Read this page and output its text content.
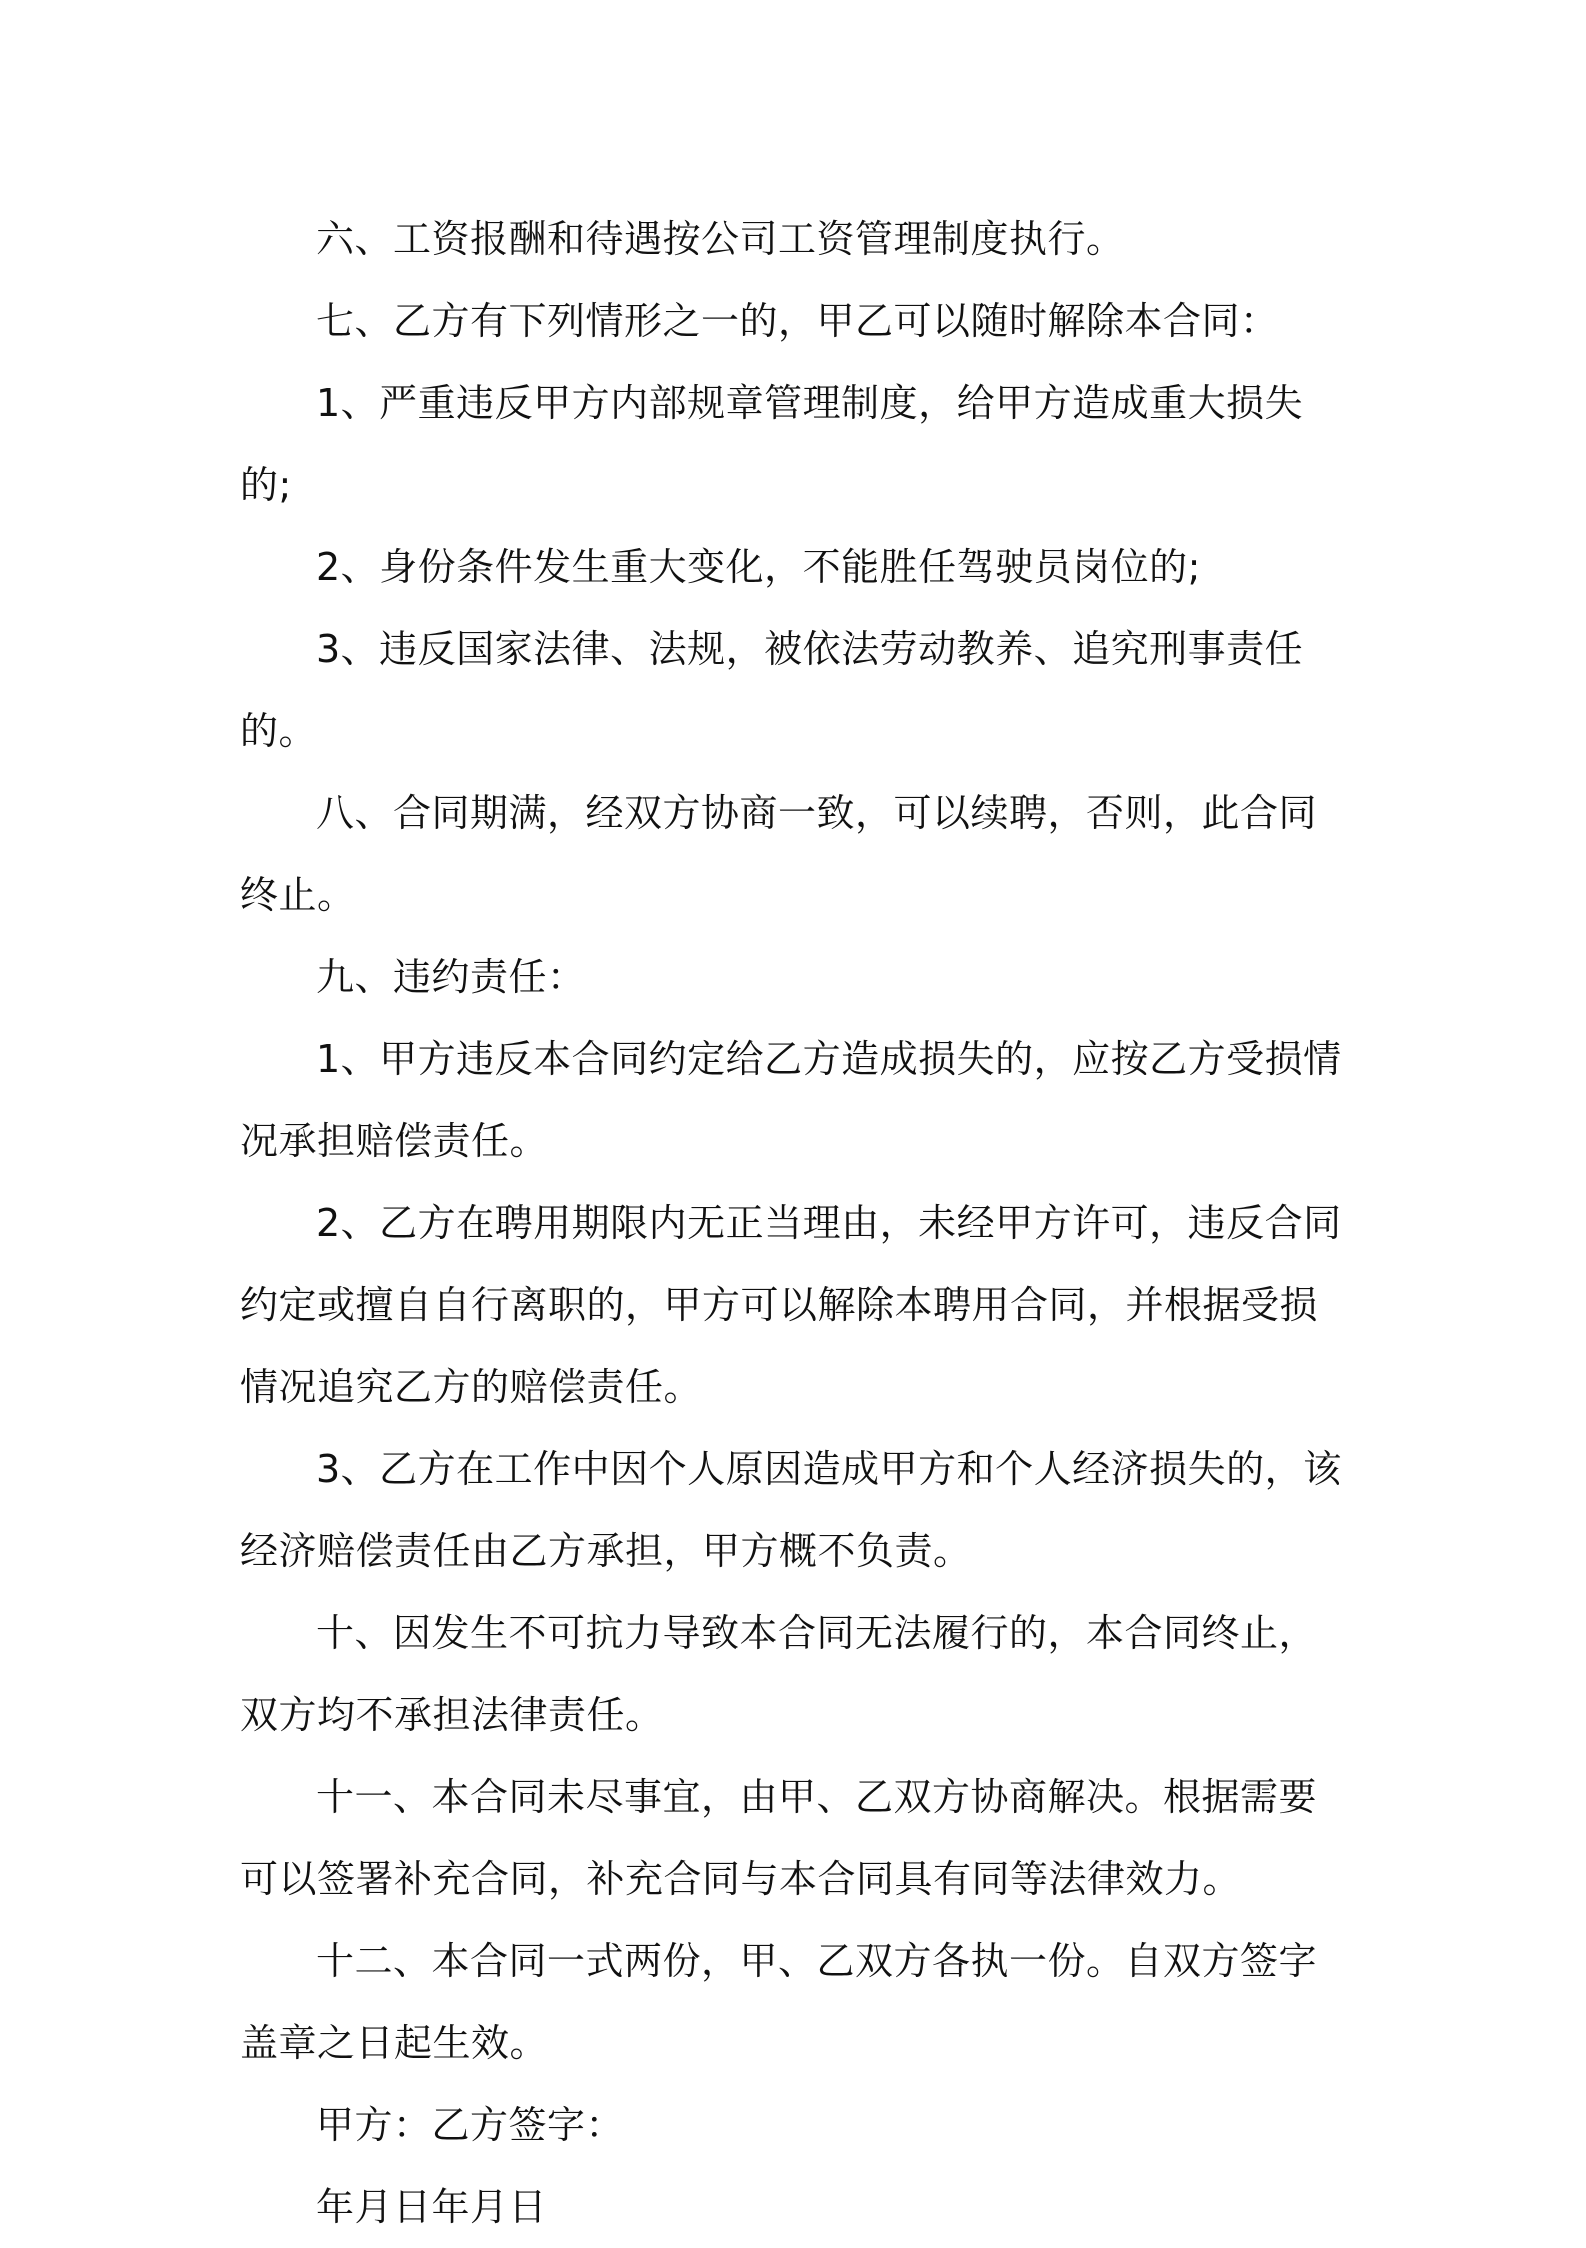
六、工资报酬和待遇按公司工资管理制度执行。

七、乙方有下列情形之一的，甲乙可以随时解除本合同：

1、严重违反甲方内部规章管理制度，给甲方造成重大损失的;

2、身份条件发生重大变化，不能胜任驾驶员岗位的;

3、违反国家法律、法规，被依法劳动教养、追究刑事责任的。

八、合同期满，经双方协商一致，可以续聘，否则，此合同终止。

九、违约责任：

1、甲方违反本合同约定给乙方造成损失的，应按乙方受损情况承担赔偿责任。

2、乙方在聘用期限内无正当理由，未经甲方许可，违反合同约定或擅自自行离职的，甲方可以解除本聘用合同，并根据受损情况追究乙方的赔偿责任。

3、乙方在工作中因个人原因造成甲方和个人经济损失的，该经济赔偿责任由乙方承担，甲方概不负责。

十、因发生不可抗力导致本合同无法履行的，本合同终止，双方均不承担法律责任。

十一、本合同未尽事宜，由甲、乙双方协商解决。根据需要可以签署补充合同，补充合同与本合同具有同等法律效力。

十二、本合同一式两份，甲、乙双方各执一份。自双方签字盖章之日起生效。

甲方：乙方签字：

年月日年月日
